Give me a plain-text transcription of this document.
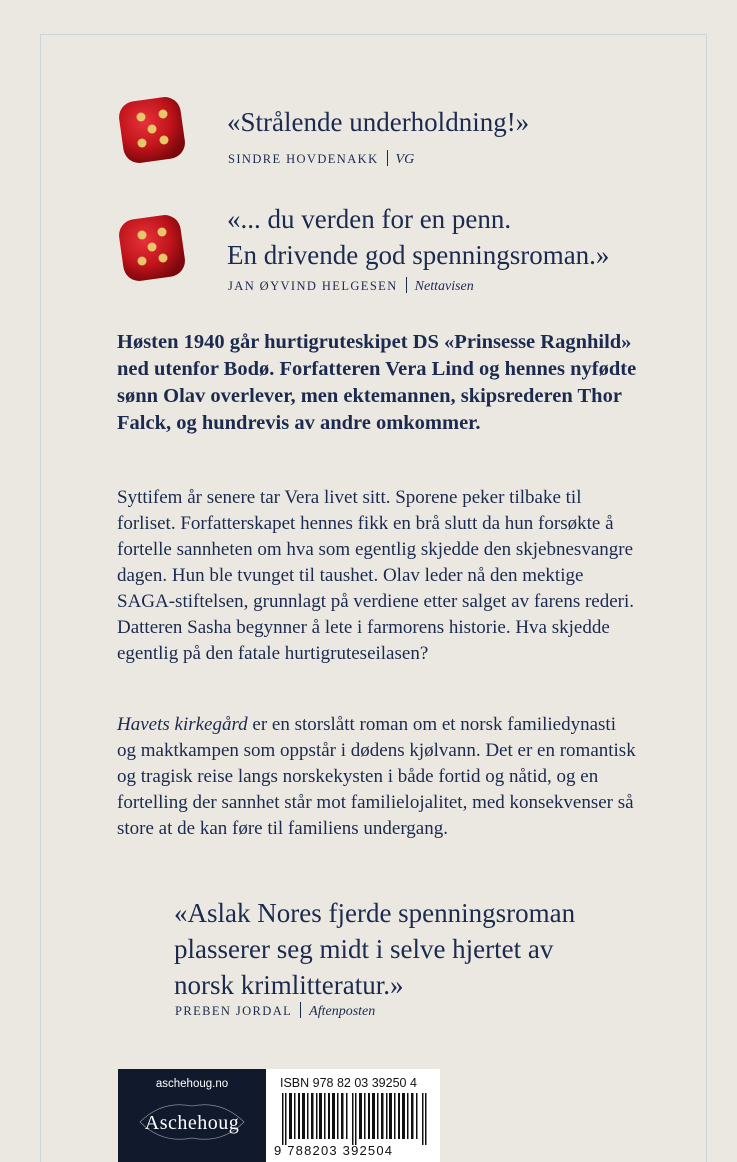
«Strålende underholdning!»
SINDRE HOVDENAKK VG
«... du verden for en penn.
En drivende god spenningsroman.»
JAN ØYVIND HELGESEN Nettavisen
Høsten 1940 går hurtigruteskipet DS «Prinsesse Ragnhild» ned utenfor Bodø. Forfatteren Vera Lind og hennes nyfødte sønn Olav overlever, men ektemannen, skipsrederen Thor Falck, og hundrevis av andre omkommer.
Syttifem år senere tar Vera livet sitt. Sporene peker tilbake til forliset. Forfatterskapet hennes fikk en brå slutt da hun forsøkte å fortelle sannheten om hva som egentlig skjedde den skjebnesvangre dagen. Hun ble tvunget til taushet. Olav leder nå den mektige SAGA-stiftelsen, grunnlagt på verdiene etter salget av farens rederi. Datteren Sasha begynner å lete i farmorens historie. Hva skjedde egentlig på den fatale hurtigruteseilasen?
Havets kirkegård er en storslått roman om et norsk familiedynasti og maktkampen som oppstår i dødens kjølvann. Det er en romantisk og tragisk reise langs norskekysten i både fortid og nåtid, og en fortelling der sannhet står mot familielojalitet, med konsekvenser så store at de kan føre til familiens undergang.
«Aslak Nores fjerde spenningsroman
plasserer seg midt i selve hjertet av
norsk krimlitteratur.»
PREBEN JORDAL Aftenposten
aschehoug.no
Aschehoug
ISBN 978 82 03 39250 4
9 788203 392504
